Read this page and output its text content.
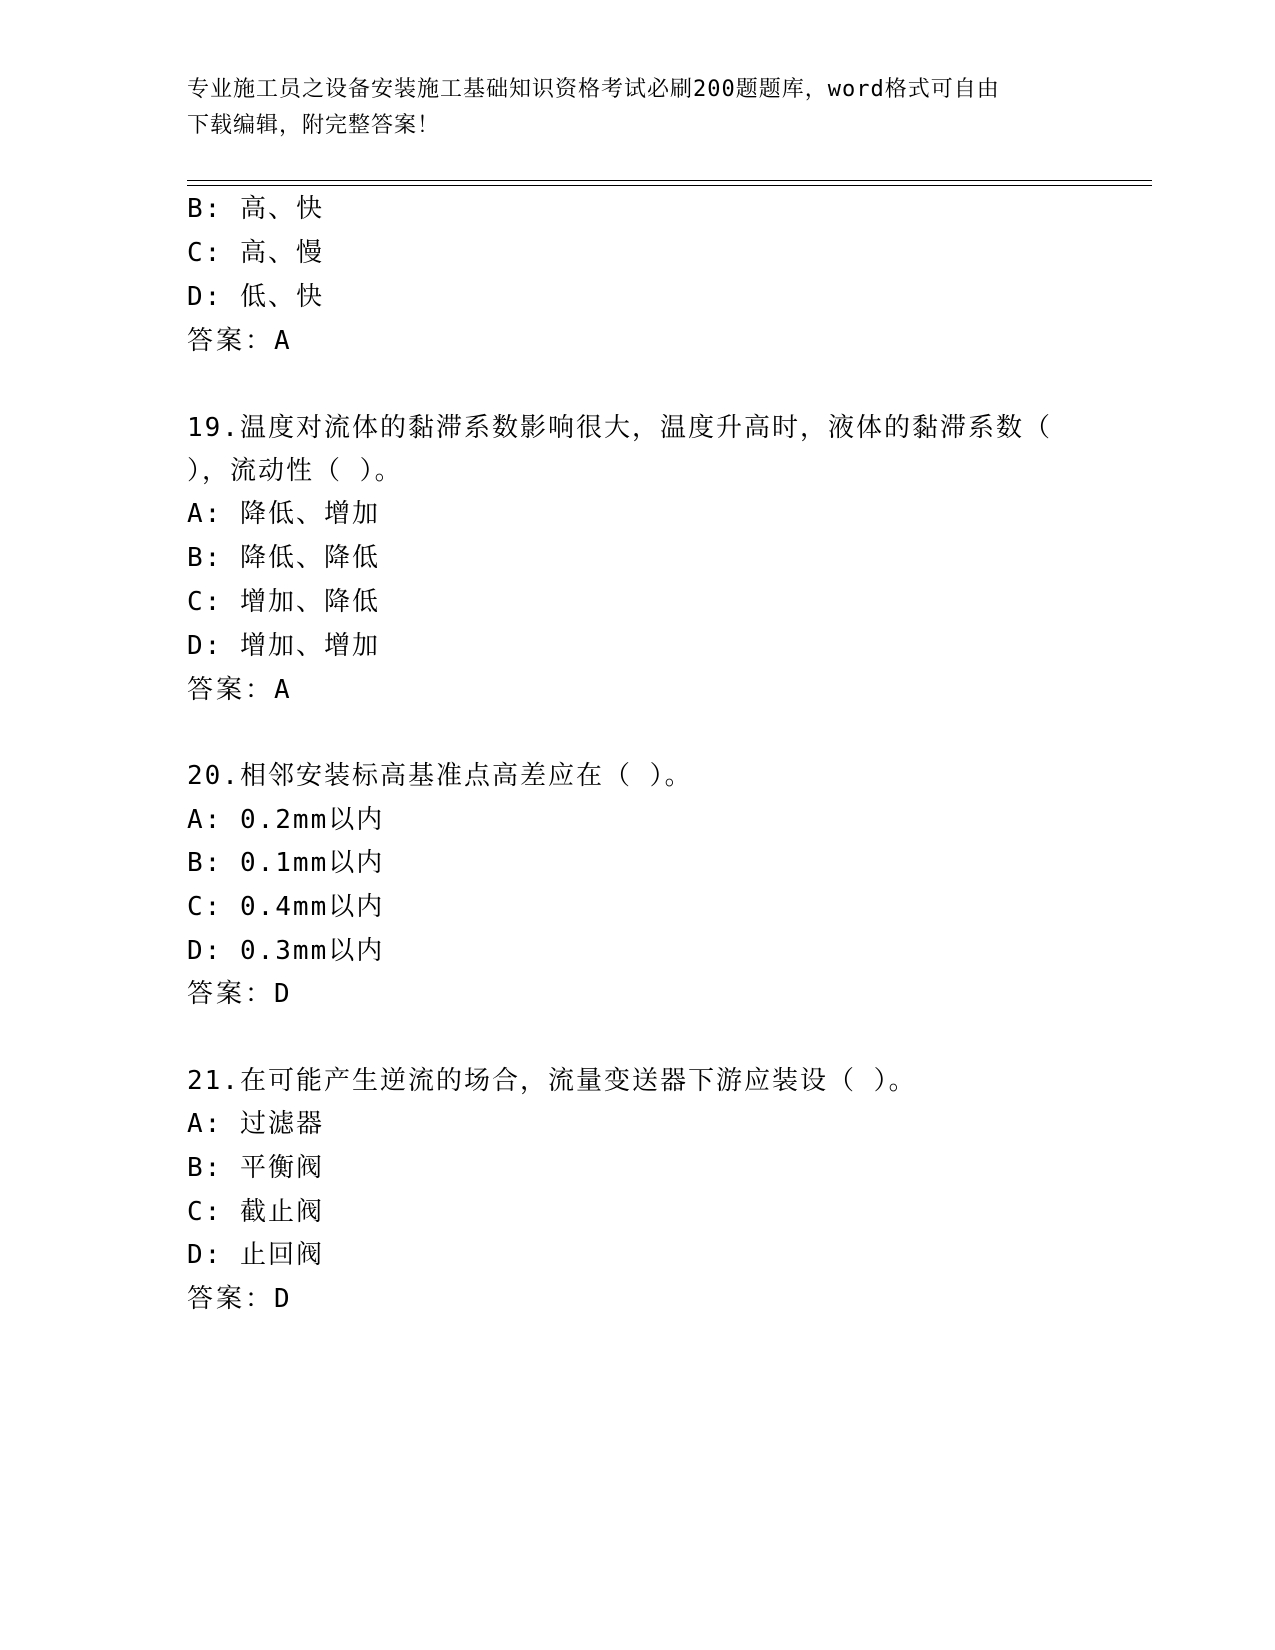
专业施工员之设备安装施工基础知识资格考试必刷200题题库，word格式可自由
下载编辑，附完整答案！
B: 高、快
C: 高、慢
D: 低、快
答案：A
19.温度对流体的黏滞系数影响很大，温度升高时，液体的黏滞系数（
），流动性（ ）。
A: 降低、增加
B: 降低、降低
C: 增加、降低
D: 增加、增加
答案：A
20.相邻安装标高基准点高差应在（ ）。
A: 0.2mm以内
B: 0.1mm以内
C: 0.4mm以内
D: 0.3mm以内
答案：D
21.在可能产生逆流的场合，流量变送器下游应装设（ ）。
A: 过滤器
B: 平衡阀
C: 截止阀
D: 止回阀
答案：D
